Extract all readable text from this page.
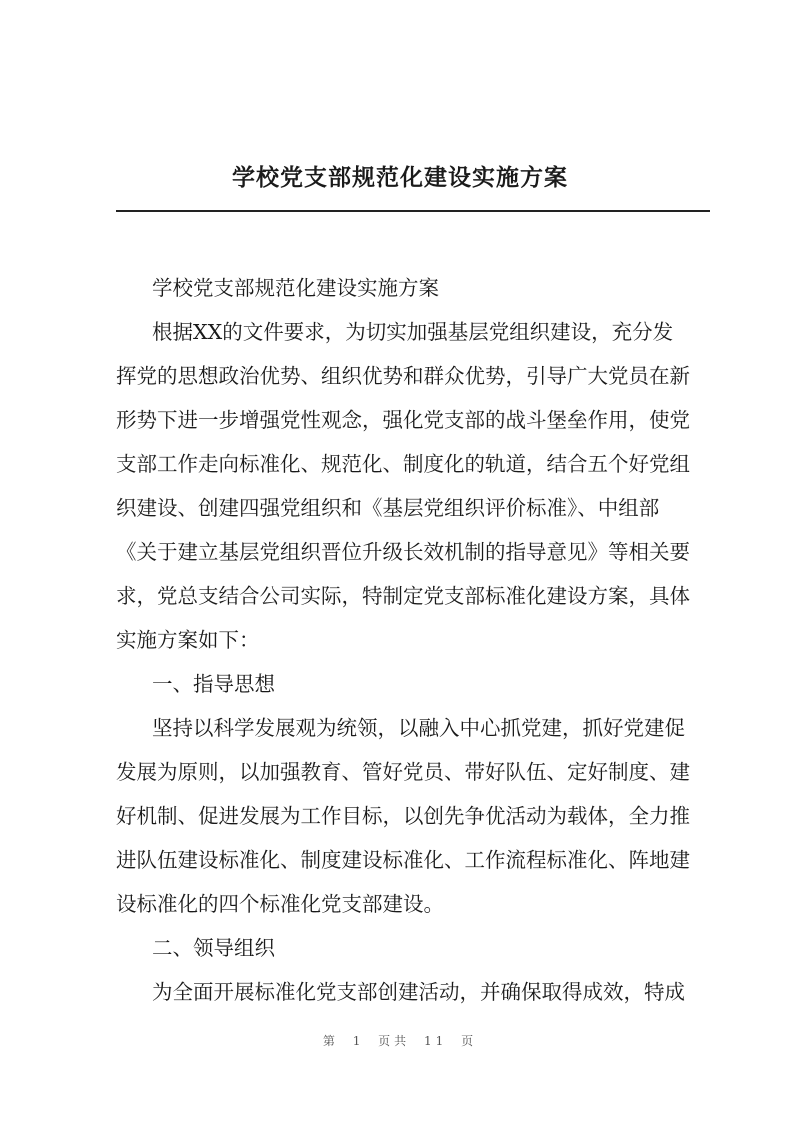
学校党支部规范化建设实施方案
学校党支部规范化建设实施方案
根据XX的文件要求，为切实加强基层党组织建设，充分发
挥党的思想政治优势、组织优势和群众优势，引导广大党员在新
形势下进一步增强党性观念，强化党支部的战斗堡垒作用，使党
支部工作走向标准化、规范化、制度化的轨道，结合五个好党组
织建设、创建四强党组织和《基层党组织评价标准》、中组部
《关于建立基层党组织晋位升级长效机制的指导意见》等相关要
求，党总支结合公司实际，特制定党支部标准化建设方案，具体
实施方案如下：
一、指导思想
坚持以科学发展观为统领，以融入中心抓党建，抓好党建促
发展为原则，以加强教育、管好党员、带好队伍、定好制度、建
好机制、促进发展为工作目标，以创先争优活动为载体，全力推
进队伍建设标准化、制度建设标准化、工作流程标准化、阵地建
设标准化的四个标准化党支部建设。
二、领导组织
为全面开展标准化党支部创建活动，并确保取得成效，特成
第 1 页共 11 页
